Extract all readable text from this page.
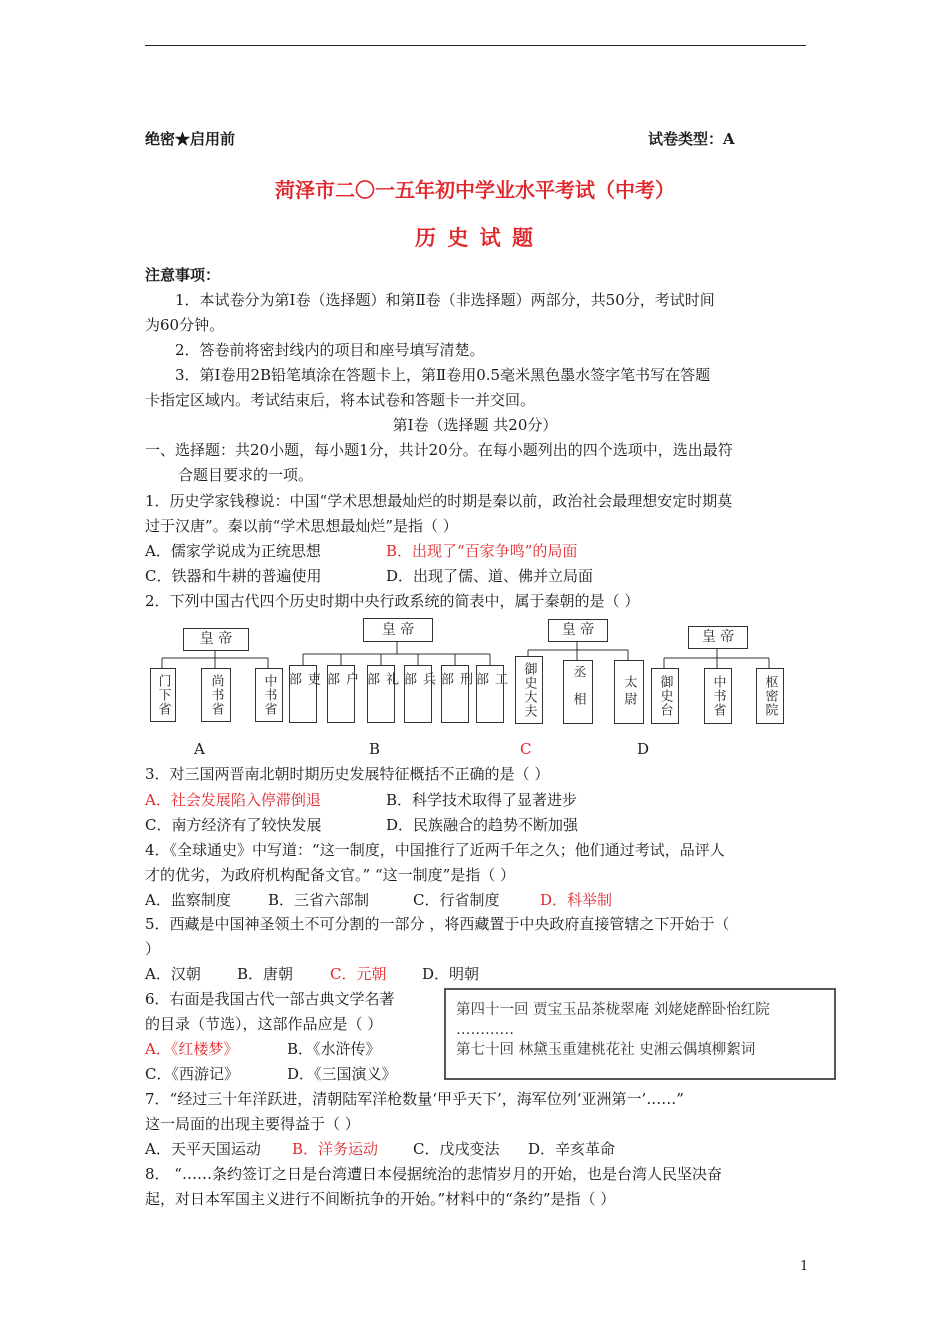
绝密★启用前	试卷类型：A
菏泽市二〇一五年初中学业水平考试（中考）
历 史 试 题
注意事项：
1．本试卷分为第Ⅰ卷（选择题）和第Ⅱ卷（非选择题）两部分，共50分，考试时间
为60分钟。
2．答卷前将密封线内的项目和座号填写清楚。
3．第Ⅰ卷用2B铅笔填涂在答题卡上，第Ⅱ卷用0.5毫米黑色墨水签字笔书写在答题
卡指定区域内。考试结束后，将本试卷和答题卡一并交回。
第Ⅰ卷（选择题 共20分）
一、选择题：共20小题，每小题1分，共计20分。在每小题列出的四个选项中，选出最符
合题目要求的一项。
1．历史学家钱穆说：中国“学术思想最灿烂的时期是秦以前，政治社会最理想安定时期莫
过于汉唐”。秦以前“学术思想最灿烂”是指（ ）
A．儒家学说成为正统思想	B．出现了“百家争鸣”的局面
C．铁器和牛耕的普遍使用	D．出现了儒、道、佛并立局面
2．下列中国古代四个历史时期中央行政系统的简表中，属于秦朝的是（ ）
皇 帝
门下省	尚书省	中书省
皇 帝
吏部	户部	礼部	兵部	刑部	工部
皇 帝
御史大夫	丞相	太尉
皇 帝
御史台	中书省	枢密院
A	B	C	D
3．对三国两晋南北朝时期历史发展特征概括不正确的是（ ）
A．社会发展陷入停滞倒退	B．科学技术取得了显著进步
C．南方经济有了较快发展	D．民族融合的趋势不断加强
4．《全球通史》中写道：“这一制度，中国推行了近两千年之久；他们通过考试，品评人
才的优劣，为政府机构配备文官。” “这一制度”是指（ ）
A．监察制度 B．三省六部制	C．行省制度	D．科举制
5．西藏是中国神圣领土不可分割的一部分 ，将西藏置于中央政府直接管辖之下开始于（
）
A．汉朝 B．唐朝 C．元朝 D．明朝
6．右面是我国古代一部古典文学名著
的目录（节选），这部作品应是（ ）
A．《红楼梦》	B．《水浒传》
C．《西游记》	D．《三国演义》
第四十一回 贾宝玉品茶栊翠庵 刘姥姥醉卧怡红院
…………
第七十回 林黛玉重建桃花社 史湘云偶填柳絮词
7．“经过三十年洋跃进，清朝陆军洋枪数量‘甲乎天下’，海军位列‘亚洲第一’……”
这一局面的出现主要得益于（ ）
A．天平天国运动 B．洋务运动 C．戊戌变法 D．辛亥革命
8． “……条约签订之日是台湾遭日本侵据统治的悲情岁月的开始，也是台湾人民坚决奋
起，对日本军国主义进行不间断抗争的开始。”材料中的“条约”是指（ ）
1
